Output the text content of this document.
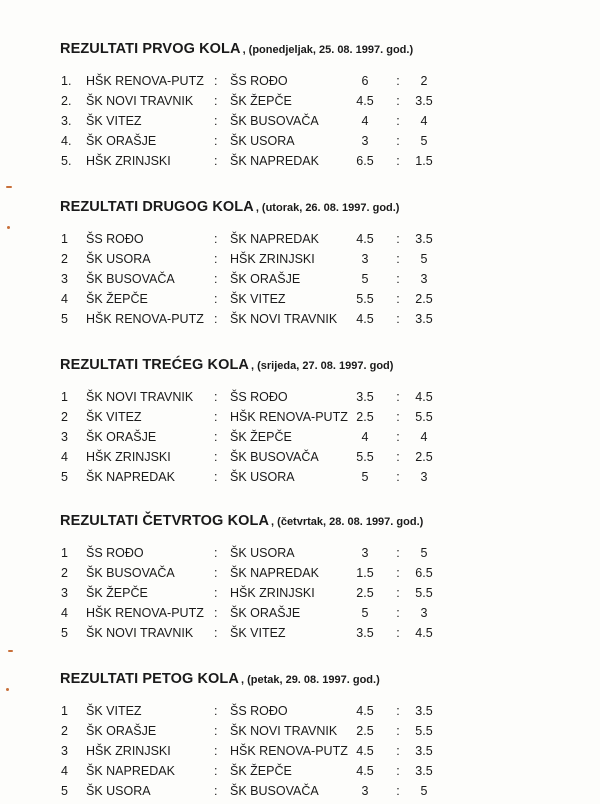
REZULTATI PRVOG KOLA , (ponedjeljak, 25. 08. 1997. god.)
1. HŠK RENOVA-PUTZ : ŠS ROĐO	6	:	2
2. ŠK NOVI TRAVNIK : ŠK ŽEPČE	4.5	:	3.5
3. ŠK VITEZ	: ŠK BUSOVAČA	4	:	4
4. ŠK ORAŠJE	: ŠK USORA	3	:	5
5. HŠK ZRINJSKI	: ŠK NAPREDAK	6.5	:	1.5
REZULTATI DRUGOG KOLA , (utorak, 26. 08. 1997. god.)
1 ŠS ROĐO	: ŠK NAPREDAK	4.5	:	3.5
2 ŠK USORA	: HŠK ZRINJSKI	3	:	5
3 ŠK BUSOVAČA	: ŠK ORAŠJE	5	:	3
4 ŠK ŽEPČE	: ŠK VITEZ	5.5	:	2.5
5 HŠK RENOVA-PUTZ : ŠK NOVI TRAVNIK	4.5	:	3.5
REZULTATI TREĆEG KOLA , (srijeda, 27. 08. 1997. god)
1 ŠK NOVI TRAVNIK : ŠS ROĐO	3.5	:	4.5
2 ŠK VITEZ	: HŠK RENOVA-PUTZ 2.5	:	5.5
3 ŠK ORAŠJE	: ŠK ŽEPČE	4	:	4
4 HŠK ZRINJSKI	: ŠK BUSOVAČA	5.5	:	2.5
5 ŠK NAPREDAK	: ŠK USORA	5	:	3
REZULTATI ČETVRTOG KOLA , (četvrtak, 28. 08. 1997. god.)
1 ŠS ROĐO	: ŠK USORA	3	:	5
2 ŠK BUSOVAČA	: ŠK NAPREDAK	1.5	:	6.5
3 ŠK ŽEPČE	: HŠK ZRINJSKI	2.5	:	5.5
4 HŠK RENOVA-PUTZ : ŠK ORAŠJE	5	:	3
5 ŠK NOVI TRAVNIK : ŠK VITEZ	3.5	:	4.5
REZULTATI PETOG KOLA , (petak, 29. 08. 1997. god.)
1 ŠK VITEZ	: ŠS ROĐO	4.5	:	3.5
2 ŠK ORAŠJE	: ŠK NOVI TRAVNIK	2.5	:	5.5
3 HŠK ZRINJSKI	: HŠK RENOVA-PUTZ 4.5	:	3.5
4 ŠK NAPREDAK	: ŠK ŽEPČE	4.5	:	3.5
5 ŠK USORA	: ŠK BUSOVAČA	3	:	5
